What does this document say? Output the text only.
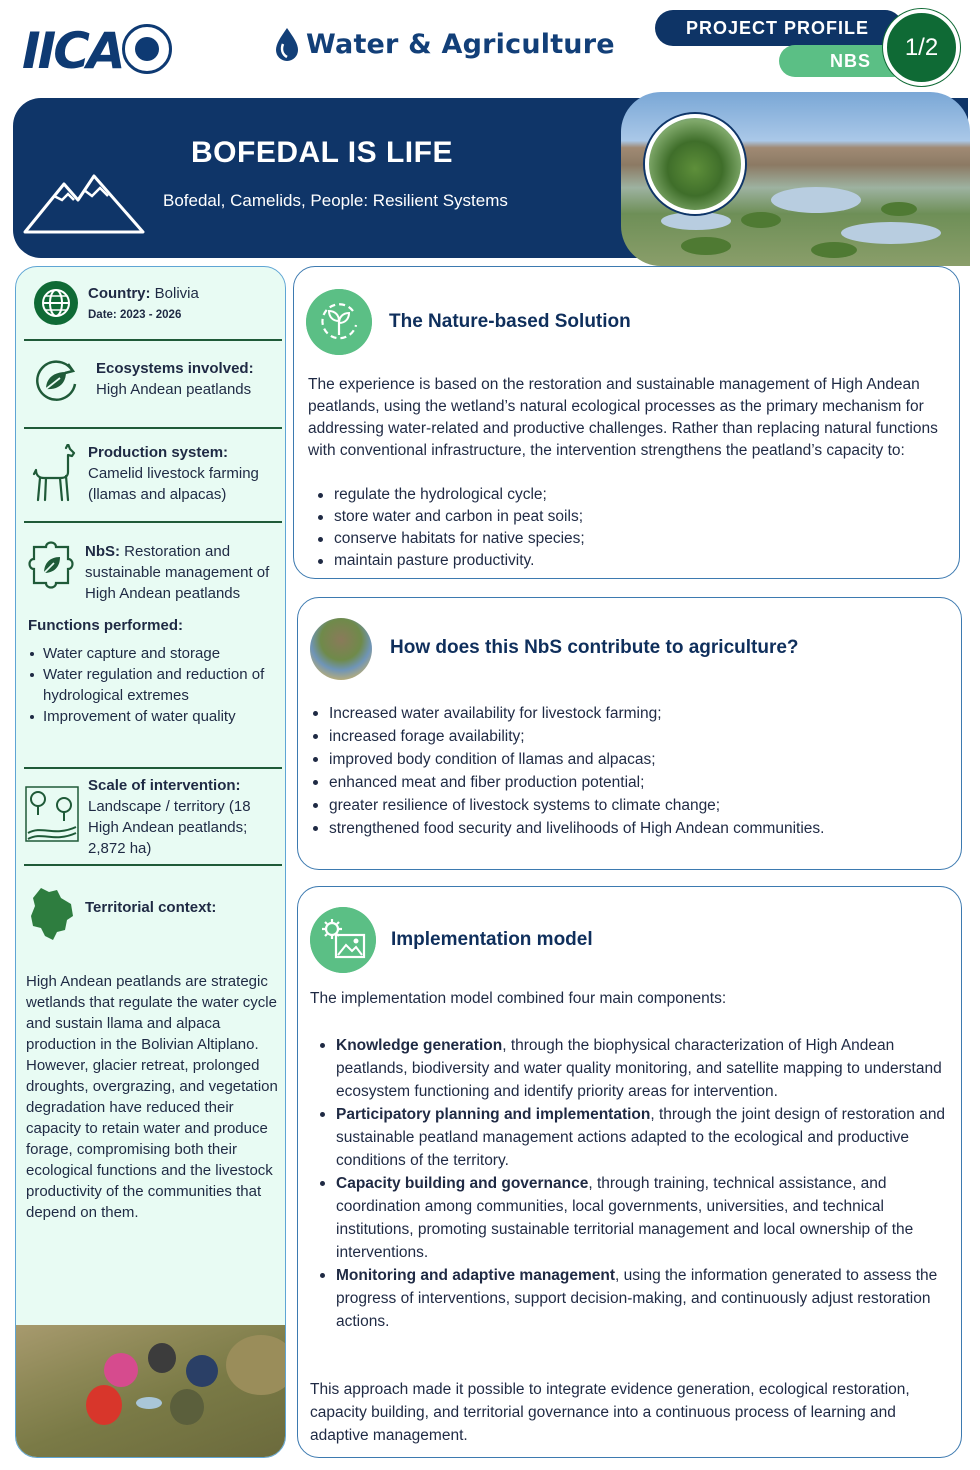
IICA	Water & Agriculture
PROJECT PROFILE
NBS	1/2
BOFEDAL IS LIFE
Bofedal, Camelids, People: Resilient Systems
Country: Bolivia
Date: 2023 - 2026
Ecosystems involved:
High Andean peatlands
Production system:
Camelid livestock farming (llamas and alpacas)
NbS: Restoration and sustainable management of High Andean peatlands
Functions performed:
Water capture and storage
Water regulation and reduction of hydrological extremes
Improvement of water quality
Scale of intervention:
Landscape / territory (18 High Andean peatlands; 2,872 ha)
Territorial context:
High Andean peatlands are strategic wetlands that regulate the water cycle and sustain llama and alpaca production in the Bolivian Altiplano. However, glacier retreat, prolonged droughts, overgrazing, and vegetation degradation have reduced their capacity to retain water and produce forage, compromising both their ecological functions and the livestock productivity of the communities that depend on them.
The Nature-based Solution
The experience is based on the restoration and sustainable management of High Andean peatlands, using the wetland’s natural ecological processes as the primary mechanism for addressing water-related and productive challenges. Rather than replacing natural functions with conventional infrastructure, the intervention strengthens the peatland’s capacity to:
regulate the hydrological cycle;
store water and carbon in peat soils;
conserve habitats for native species;
maintain pasture productivity.
How does this NbS contribute to agriculture?
Increased water availability for livestock farming;
increased forage availability;
improved body condition of llamas and alpacas;
enhanced meat and fiber production potential;
greater resilience of livestock systems to climate change;
strengthened food security and livelihoods of High Andean communities.
Implementation model
The implementation model combined four main components:
Knowledge generation, through the biophysical characterization of High Andean peatlands, biodiversity and water quality monitoring, and satellite mapping to understand ecosystem functioning and identify priority areas for intervention.
Participatory planning and implementation, through the joint design of restoration and sustainable peatland management actions adapted to the ecological and productive conditions of the territory.
Capacity building and governance, through training, technical assistance, and coordination among communities, local governments, universities, and technical institutions, promoting sustainable territorial management and local ownership of the interventions.
Monitoring and adaptive management, using the information generated to assess the progress of interventions, support decision-making, and continuously adjust restoration actions.
This approach made it possible to integrate evidence generation, ecological restoration, capacity building, and territorial governance into a continuous process of learning and adaptive management.
